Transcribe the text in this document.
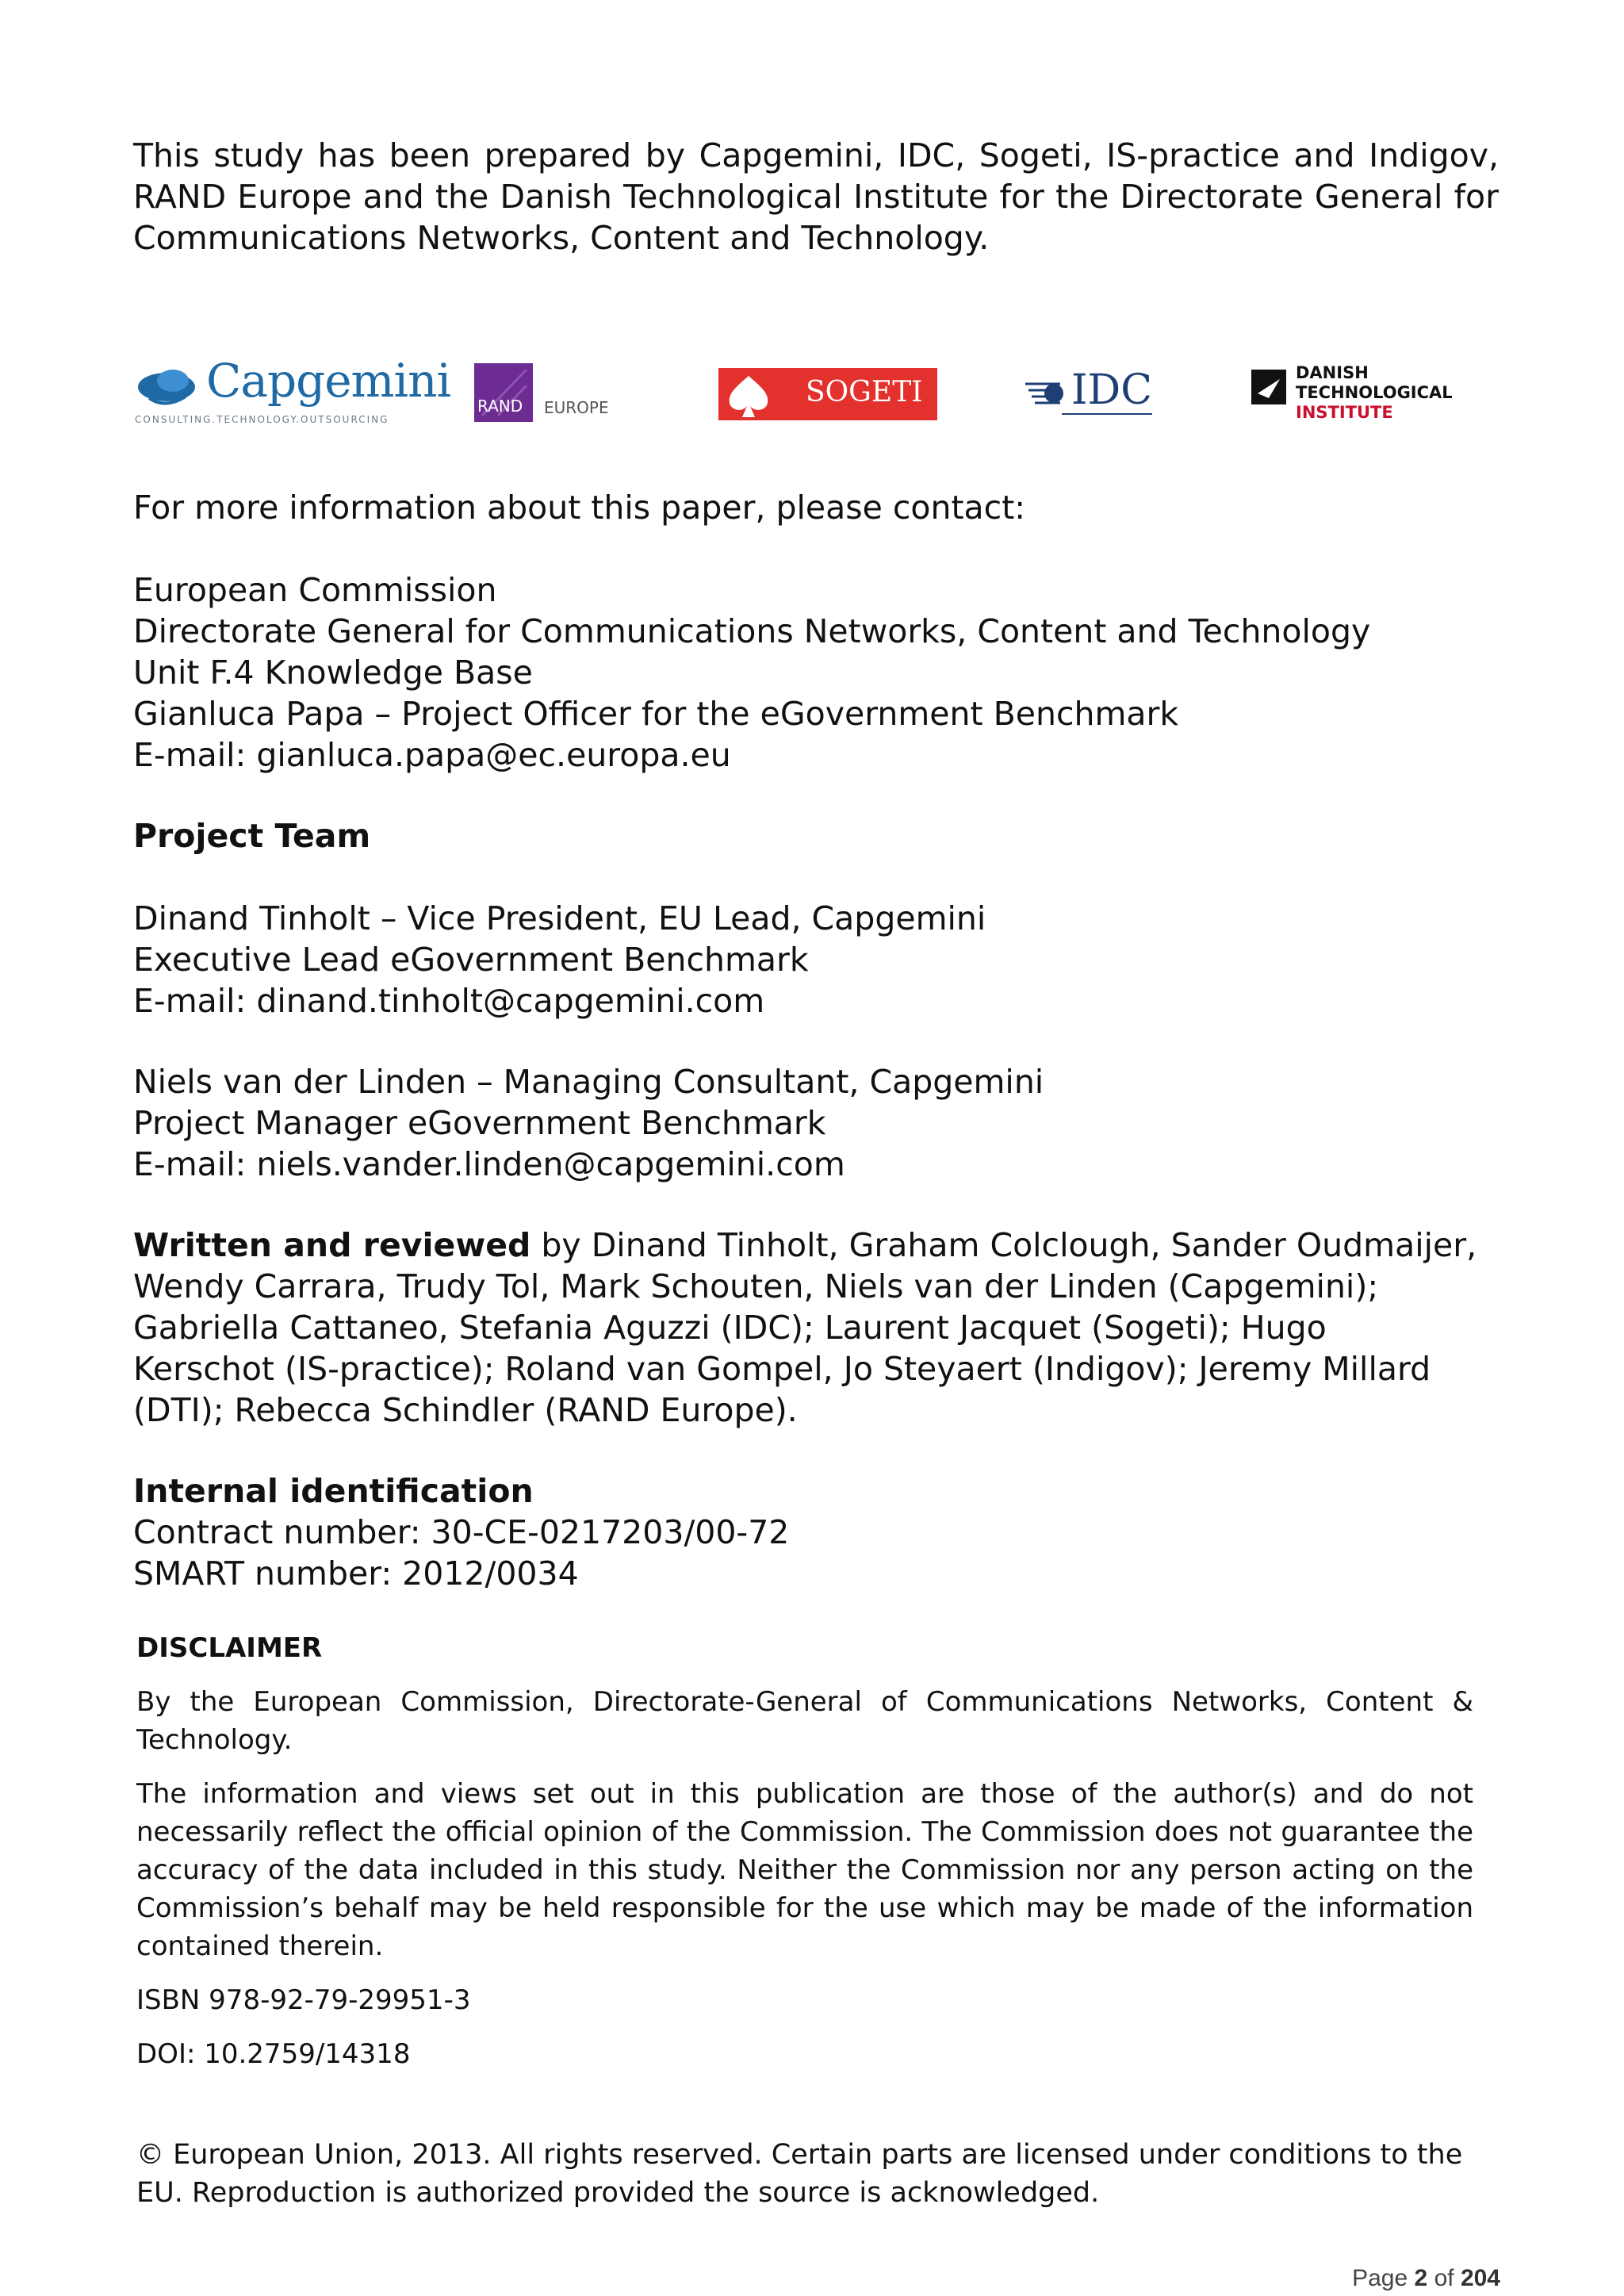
This study has been prepared by Capgemini, IDC, Sogeti, IS-practice and Indigov, RAND Europe and the Danish Technological Institute for the Directorate General for Communications Networks, Content and Technology.

Capgemini
CONSULTING.TECHNOLOGY.OUTSOURCING
RAND EUROPE	SOGETI	IDC	DANISH
TECHNOLOGICAL
INSTITUTE
For more information about this paper, please contact:
European Commission
Directorate General for Communications Networks, Content and Technology
Unit F.4 Knowledge Base
Gianluca Papa – Project Officer for the eGovernment Benchmark
E-mail: gianluca.papa@ec.europa.eu
Project Team
Dinand Tinholt – Vice President, EU Lead, Capgemini
Executive Lead eGovernment Benchmark
E-mail: dinand.tinholt@capgemini.com
Niels van der Linden – Managing Consultant, Capgemini
Project Manager eGovernment Benchmark
E-mail: niels.vander.linden@capgemini.com
Written and reviewed by Dinand Tinholt, Graham Colclough, Sander Oudmaijer,
Wendy Carrara, Trudy Tol, Mark Schouten, Niels van der Linden (Capgemini);
Gabriella Cattaneo, Stefania Aguzzi (IDC); Laurent Jacquet (Sogeti); Hugo
Kerschot (IS-practice); Roland van Gompel, Jo Steyaert (Indigov); Jeremy Millard
(DTI); Rebecca Schindler (RAND Europe).
Internal identification
Contract number: 30-CE-0217203/00-72
SMART number: 2012/0034
DISCLAIMER
By the European Commission, Directorate-General of Communications Networks, Content & Technology.
The information and views set out in this publication are those of the author(s) and do not necessarily reflect the official opinion of the Commission. The Commission does not guarantee the accuracy of the data included in this study. Neither the Commission nor any person acting on the Commission’s behalf may be held responsible for the use which may be made of the information contained therein.
ISBN 978-92-79-29951-3
DOI: 10.2759/14318
© European Union, 2013. All rights reserved. Certain parts are licensed under conditions to the EU. Reproduction is authorized provided the source is acknowledged.
Page 2 of 204
